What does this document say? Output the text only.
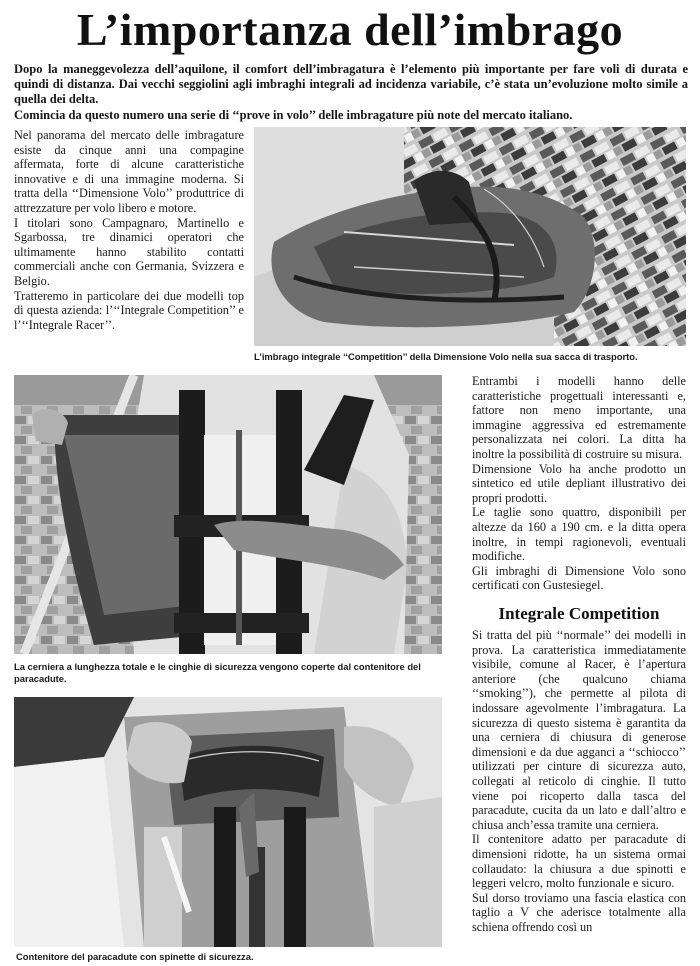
L’importanza dell’imbrago

Dopo la maneggevolezza dell’aquilone, il comfort dell’imbragatura è l’elemento più importante per fare voli di durata e quindi di distanza. Dai vecchi seggiolini agli imbraghi integrali ad incidenza variabile, c’è stata un’evoluzione molto simile a quella dei delta.

Comincia da questo numero una serie di ‘‘prove in volo’’ delle imbragature più note del mercato italiano.

Nel panorama del mercato delle imbragature esiste da cinque anni una compagine affermata, forte di alcune caratteristiche innovative e di una immagine moderna. Si tratta della ‘‘Dimensione Volo’’ produttrice di attrezzature per volo libero e motore.

I titolari sono Campagnaro, Martinello e Sgarbossa, tre dinamici operatori che ultimamente hanno stabilito contatti commerciali anche con Germania, Svizzera e Belgio.

Tratteremo in particolare dei due modelli top di questa azienda: l’‘‘Integrale Competition’’ e l’‘‘Integrale Racer’’.

L’imbrago integrale ‘‘Competition’’ della Dimensione Volo nella sua sacca di trasporto.
La cerniera a lunghezza totale e le cinghie di sicurezza vengono coperte dal contenitore del paracadute.

Entrambi i modelli hanno delle caratteristiche progettuali interessanti e, fattore non meno importante, una immagine aggressiva ed estremamente personalizzata nei colori. La ditta ha inoltre la possibilità di costruire su misura.

Dimensione Volo ha anche prodotto un sintetico ed utile depliant illustrativo dei propri prodotti.

Le taglie sono quattro, disponibili per altezze da 160 a 190 cm. e la ditta opera inoltre, in tempi ragionevoli, eventuali modifiche.

Gli imbraghi di Dimensione Volo sono certificati con Gustesiegel.

Integrale Competition

Si tratta del più ‘‘normale’’ dei modelli in prova. La caratteristica immediatamente visibile, comune al Racer, è l’apertura anteriore (che qualcuno chiama ‘‘smoking’’), che permette al pilota di indossare agevolmente l’imbragatura. La sicurezza di questo sistema è garantita da una cerniera di chiusura di generose dimensioni e da due agganci a ‘‘schiocco’’ utilizzati per cinture di sicurezza auto, collegati al reticolo di cinghie. Il tutto viene poi ricoperto dalla tasca del paracadute, cucita da un lato e dall’altro e chiusa anch’essa tramite una cerniera.

Il contenitore adatto per paracadute di dimensioni ridotte, ha un sistema ormai collaudato: la chiusura a due spinotti e leggeri velcro, molto funzionale e sicuro.

Sul dorso troviamo una fascia elastica con taglio a V che aderisce totalmente alla schiena offrendo così un

Contenitore del paracadute con spinette di sicurezza.
